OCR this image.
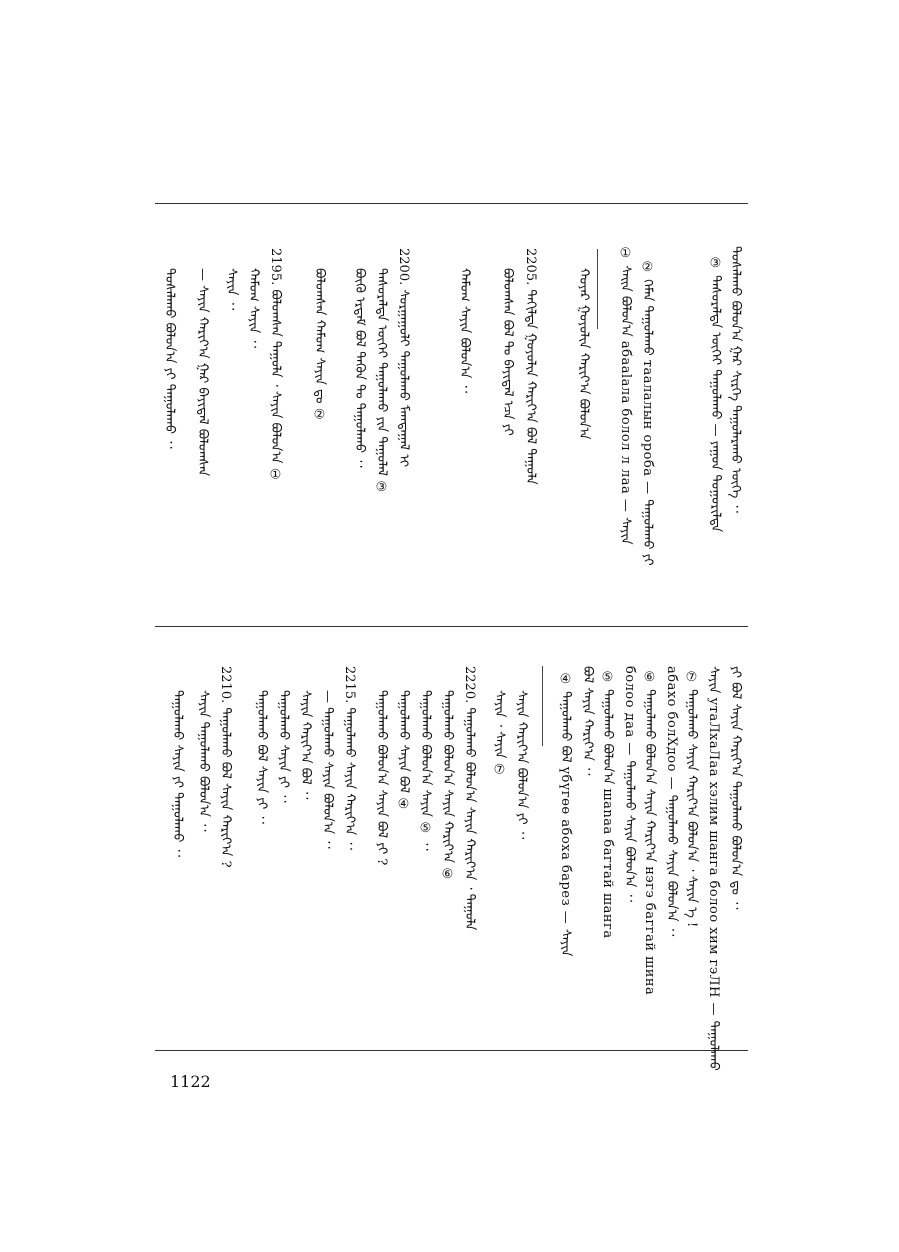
ᠲᠤᠰᠠᠯᠠᠬᠤ ᠪᠣᠯᠤᠨ᠎ᠠ ᠭᠠᠷ ᠰᠢᠷᠭᠡ ᠲᠠᠭᠤᠯᠠᠷᠠᠬᠤ ᠦᠭᠡ ᠂᠂
③ ᠲᠠᠰᠤᠷᠠᠯᠲᠠ ᠦᠭᠡᠢ ᠲᠠᠭᠤᠯᠠᠬᠤ — ᠶᠠᠭᠤᠨ ᠳᠤᠭᠤᠷᠢᠯᠲᠠ
② ᠬᠡᠮᠡᠨ ᠲᠠᠭᠤᠯᠠᠬᠤ таалалын ороба — ᠲᠠᠭᠤᠯᠠᠬᠤ ᠶᠢ
① ᠰᠠᠢᠨ ᠪᠣᠯᠤᠨ᠎ᠠ абааlала болол л лаа — ᠰᠠᠶᠢᠨ
ᠬᠤᠶᠠᠷ ᠭᠤᠶᠤᠯᠢᠨ ᠬᠠᠷᠢᠶ᠎ᠠ ᠪᠣᠯᠤᠨ᠎ᠠ
2205. ᠳᠠᠬᠢᠯᠲᠠ ᠭᠤᠶᠤᠯᠢᠨ ᠬᠠᠷᠢᠶ᠎ᠠ ᠪᠣᠯ ᠲᠠᠭᠤᠯᠠ
ᠪᠣᠯᠤᠭᠰᠠᠨ ᠪᠣᠯ ᠲᠤ ᠪᠠᠶᠢᠳᠠᠯ ᠡᠴᠡ ᠶᠢ
ᠬᠠᠮᠤᠭ ᠰᠠᠶᠢᠨ ᠪᠣᠯᠤᠨ᠎ᠠ ᠂᠂
2200. ᠰᠤᠷᠭᠠᠭᠤᠯᠢ ᠲᠠᠭᠤᠯᠠᠬᠤ ᠮᠠᠭᠲᠠᠭᠠᠯ ᠢ
ᠲᠠᠰᠤᠷᠠᠯᠲᠠ ᠦᠭᠡᠢ ᠲᠠᠭᠤᠯᠠᠬᠤ ᠶᠢᠨ ᠲᠠᠭᠤᠯᠠᠯ ③
ᠪᠦᠬᠦ ᠡᠷᠳᠡᠮ ᠪᠣᠯ ᠲᠡᠭᠦᠨ ᠲᠤ ᠲᠠᠭᠤᠯᠠᠬᠤ ᠂᠂
ᠪᠣᠯᠤᠭᠰᠠᠨ ᠬᠠᠮᠤᠭ ᠰᠠᠶᠢᠨ ᠳᠤ ②
2195. ᠪᠣᠯᠤᠭᠰᠠᠨ ᠲᠠᠭᠤᠯᠠ ᠂ ᠰᠠᠶᠢᠨ ᠪᠣᠯᠤᠨ᠎ᠠ ①
ᠬᠠᠮᠤᠭ ᠰᠠᠶᠢᠨ ᠂᠂
ᠰᠠᠶᠢᠨ ᠂᠂
— ᠰᠠᠶᠢᠨ ᠬᠠᠷᠢᠶ᠎ᠠ ᠭᠠᠷ ᠪᠠᠶᠢᠳᠠᠯ ᠪᠣᠯᠤᠭᠰᠠᠨ
ᠲᠤᠰᠠᠯᠠᠬᠤ ᠪᠣᠯᠤᠨ᠎ᠠ ᠶᠢ ᠲᠠᠭᠤᠯᠠᠬᠤ ᠂᠂
ᠶᠢ ᠪᠣᠯ ᠰᠠᠶᠢᠨ ᠬᠠᠷᠢᠶ᠎ᠠ ᠲᠠᠭᠤᠯᠠᠬᠤ ᠪᠣᠯᠤᠨ᠎ᠠ ᠳᠤ ᠂᠂
ᠰᠠᠶᠢᠨ утaЛхаЛаа хэлим шанга болоо хим гэЛН — ᠲᠠᠭᠤᠯᠠᠬᠤ
⑦ ᠲᠠᠭᠤᠯᠠᠬᠤ ᠰᠠᠶᠢᠨ ᠬᠠᠷᠢᠶ᠎ᠠ ᠪᠣᠯᠤᠨ᠎ᠠ ᠂ ᠰᠠᠶᠢᠨ ᠡ !
абахо болХдоо — ᠲᠠᠭᠤᠯᠠᠬᠤ ᠰᠠᠶᠢᠨ ᠪᠣᠯᠤᠨ᠎ᠠ ᠂᠂
⑥ ᠲᠠᠭᠤᠯᠠᠬᠤ ᠪᠣᠯᠤᠨ᠎ᠠ ᠰᠠᠶᠢᠨ ᠬᠠᠷᠢᠶ᠎ᠠ нэгэ баггай шина
болоо даа — ᠲᠠᠭᠤᠯᠠᠬᠤ ᠰᠠᠶᠢᠨ ᠪᠣᠯᠤᠨ᠎ᠠ ᠂᠂
⑤ ᠲᠠᠭᠤᠯᠠᠬᠤ ᠪᠣᠯᠤᠨ᠎ᠠ шаnaa бaгтай шанга
ᠪᠣᠯ ᠰᠠᠶᠢᠨ ᠬᠠᠷᠢᠶ᠎ᠠ ᠂᠂
④ ᠲᠠᠭᠤᠯᠠᠬᠤ ᠪᠣᠯ үбүгөө абоха барeз — ᠰᠠᠶᠢᠨ
ᠰᠠᠶᠢᠨ ᠬᠠᠷᠢᠶ᠎ᠠ ᠪᠣᠯᠤᠨ᠎ᠠ ᠶᠢ ᠂᠂
ᠰᠠᠶᠢᠨ ᠂ ᠰᠠᠶᠢᠨ ⑦
2220. ᠲᠠᠭᠤᠯᠠᠬᠤ ᠪᠣᠯᠤᠨ᠎ᠠ ᠰᠠᠶᠢᠨ ᠬᠠᠷᠢᠶ᠎ᠠ ᠂ ᠲᠠᠭᠤᠯᠠ
ᠲᠠᠭᠤᠯᠠᠬᠤ ᠪᠣᠯᠤᠨ᠎ᠠ ᠰᠠᠶᠢᠨ ᠬᠠᠷᠢᠶ᠎ᠠ ⑥
ᠲᠠᠭᠤᠯᠠᠬᠤ ᠪᠣᠯᠤᠨ᠎ᠠ ᠰᠠᠶᠢᠨ ⑤ ᠂᠂
ᠲᠠᠭᠤᠯᠠᠬᠤ ᠰᠠᠶᠢᠨ ᠪᠣᠯ ④
ᠲᠠᠭᠤᠯᠠᠬᠤ ᠪᠣᠯᠤᠨ᠎ᠠ ᠰᠠᠶᠢᠨ ᠪᠣᠯ ᠶᠢ ?
2215. ᠲᠠᠭᠤᠯᠠᠬᠤ ᠰᠠᠶᠢᠨ ᠬᠠᠷᠢᠶ᠎ᠠ ᠂᠂
— ᠲᠠᠭᠤᠯᠠᠬᠤ ᠰᠠᠶᠢᠨ ᠪᠣᠯᠤᠨ᠎ᠠ ᠂᠂
ᠰᠠᠶᠢᠨ ᠬᠠᠷᠢᠶ᠎ᠠ ᠪᠣᠯ ᠂᠂
ᠲᠠᠭᠤᠯᠠᠬᠤ ᠰᠠᠶᠢᠨ ᠶᠢ ᠂᠂
ᠲᠠᠭᠤᠯᠠᠬᠤ ᠪᠣᠯ ᠰᠠᠶᠢᠨ ᠶᠢ ᠂᠂
2210. ᠲᠠᠭᠤᠯᠠᠬᠤ ᠪᠣᠯ ᠰᠠᠶᠢᠨ ᠬᠠᠷᠢᠶ᠎ᠠ ?
ᠰᠠᠶᠢᠨ ᠲᠠᠭᠤᠯᠠᠬᠤ ᠪᠣᠯᠤᠨ᠎ᠠ ᠂᠂
ᠲᠠᠭᠤᠯᠠᠬᠤ ᠰᠠᠶᠢᠨ ᠶᠢ ᠲᠠᠭᠤᠯᠠᠬᠤ ᠂᠂
1122
